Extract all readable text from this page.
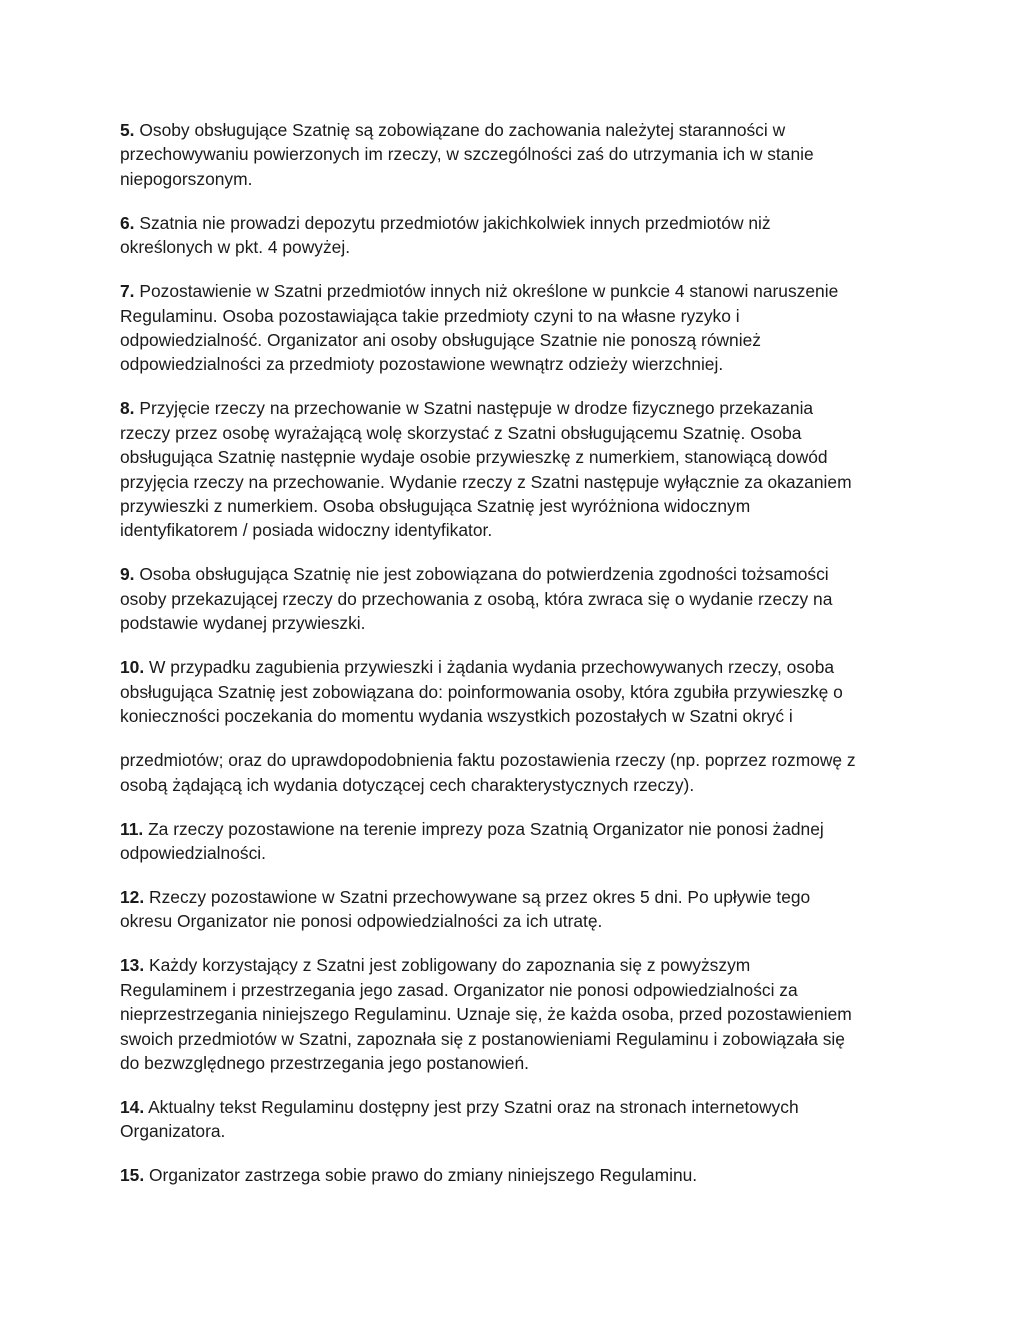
5. Osoby obsługujące Szatnię są zobowiązane do zachowania należytej staranności w
przechowywaniu powierzonych im rzeczy, w szczególności zaś do utrzymania ich w stanie
niepogorszonym.
6. Szatnia nie prowadzi depozytu przedmiotów jakichkolwiek innych przedmiotów niż
określonych w pkt. 4 powyżej.
7. Pozostawienie w Szatni przedmiotów innych niż określone w punkcie 4 stanowi naruszenie
Regulaminu. Osoba pozostawiająca takie przedmioty czyni to na własne ryzyko i
odpowiedzialność. Organizator ani osoby obsługujące Szatnie nie ponoszą również
odpowiedzialności za przedmioty pozostawione wewnątrz odzieży wierzchniej.
8. Przyjęcie rzeczy na przechowanie w Szatni następuje w drodze fizycznego przekazania
rzeczy przez osobę wyrażającą wolę skorzystać z Szatni obsługującemu Szatnię. Osoba
obsługująca Szatnię następnie wydaje osobie przywieszkę z numerkiem, stanowiącą dowód
przyjęcia rzeczy na przechowanie. Wydanie rzeczy z Szatni następuje wyłącznie za okazaniem
przywieszki z numerkiem. Osoba obsługująca Szatnię jest wyróżniona widocznym
identyfikatorem / posiada widoczny identyfikator.
9. Osoba obsługująca Szatnię nie jest zobowiązana do potwierdzenia zgodności tożsamości
osoby przekazującej rzeczy do przechowania z osobą, która zwraca się o wydanie rzeczy na
podstawie wydanej przywieszki.
10. W przypadku zagubienia przywieszki i żądania wydania przechowywanych rzeczy, osoba
obsługująca Szatnię jest zobowiązana do: poinformowania osoby, która zgubiła przywieszkę o
konieczności poczekania do momentu wydania wszystkich pozostałych w Szatni okryć i
przedmiotów; oraz do uprawdopodobnienia faktu pozostawienia rzeczy (np. poprzez rozmowę z
osobą żądającą ich wydania dotyczącej cech charakterystycznych rzeczy).
11. Za rzeczy pozostawione na terenie imprezy poza Szatnią Organizator nie ponosi żadnej
odpowiedzialności.
12. Rzeczy pozostawione w Szatni przechowywane są przez okres 5 dni. Po upływie tego
okresu Organizator nie ponosi odpowiedzialności za ich utratę.
13. Każdy korzystający z Szatni jest zobligowany do zapoznania się z powyższym
Regulaminem i przestrzegania jego zasad. Organizator nie ponosi odpowiedzialności za
nieprzestrzegania niniejszego Regulaminu. Uznaje się, że każda osoba, przed pozostawieniem
swoich przedmiotów w Szatni, zapoznała się z postanowieniami Regulaminu i zobowiązała się
do bezwzględnego przestrzegania jego postanowień.
14. Aktualny tekst Regulaminu dostępny jest przy Szatni oraz na stronach internetowych
Organizatora.
15. Organizator zastrzega sobie prawo do zmiany niniejszego Regulaminu.
